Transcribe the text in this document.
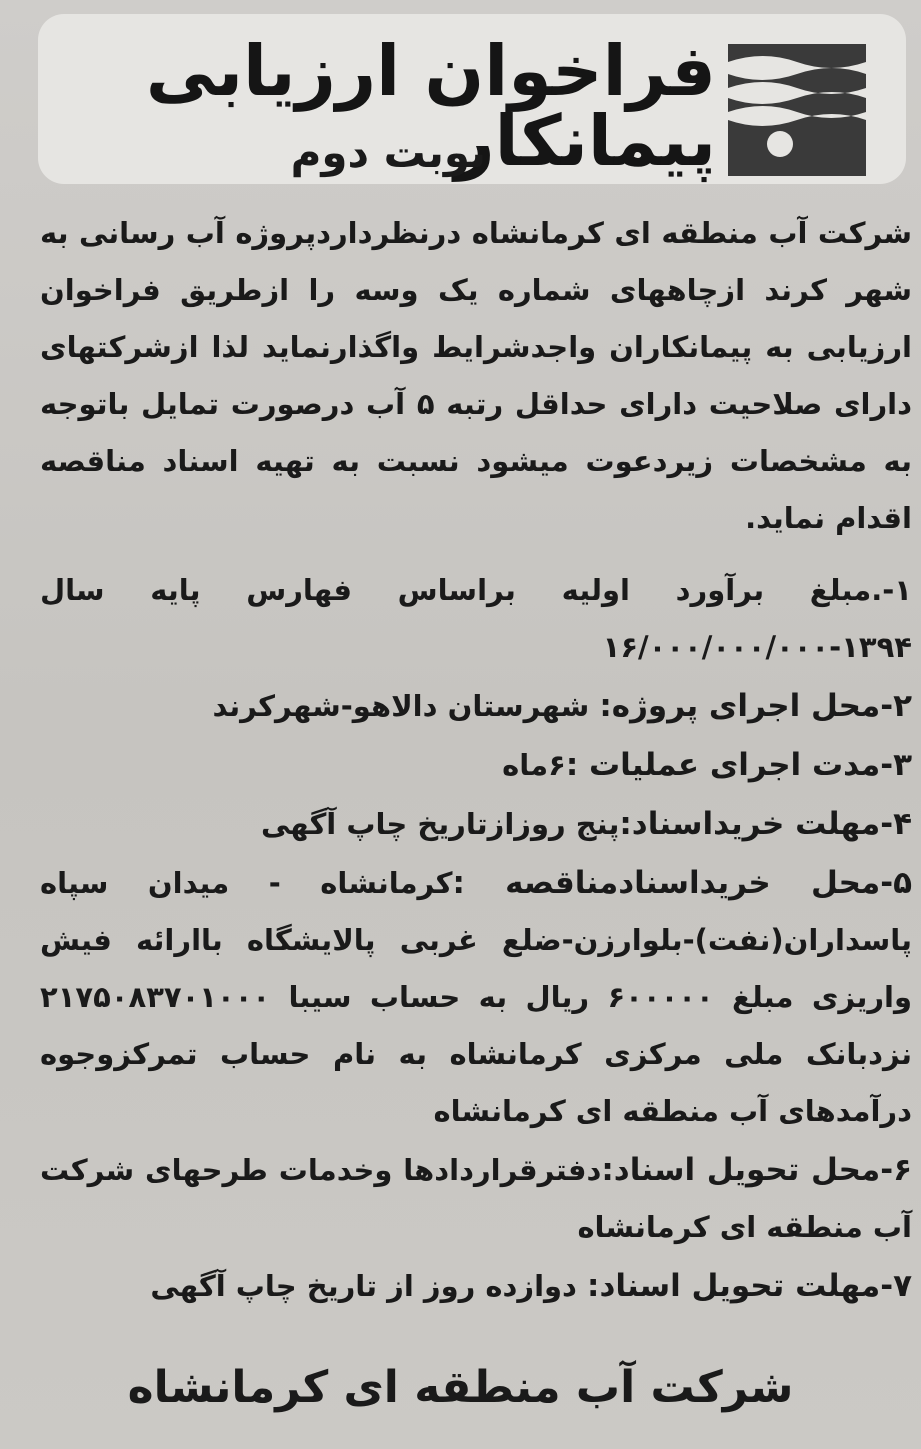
فراخوان ارزیابی پیمانکار
نوبت دوم
شرکت آب منطقه ای کرمانشاه درنظرداردپروژه آب رسانی به شهر کرند ازچاههای شماره یک وسه را ازطریق فراخوان ارزیابی به پیمانکاران واجدشرایط واگذارنماید لذا ازشرکتهای دارای صلاحیت دارای حداقل رتبه ۵ آب درصورت تمایل باتوجه به مشخصات زیردعوت میشود نسبت به تهیه اسناد مناقصه اقدام نماید.
۱-.مبلغ برآورد اولیه براساس فهارس پایه سال ۱۳۹۴-۱۶/۰۰۰/۰۰۰/۰۰۰
۲-محل اجرای پروژه: شهرستان دالاهو-شهرکرند
۳-مدت اجرای عملیات :۶ماه
۴-مهلت خریداسناد:پنج روزازتاریخ چاپ آگهی
۵-محل خریداسنادمناقصه :کرمانشاه - میدان سپاه پاسداران(نفت)-بلوارزن-ضلع غربی پالایشگاه باارائه فیش واریزی مبلغ ۶۰۰۰۰۰ ریال به حساب سیبا ۲۱۷۵۰۸۳۷۰۱۰۰۰ نزدبانک ملی مرکزی کرمانشاه به نام حساب تمرکزوجوه درآمدهای آب منطقه ای کرمانشاه
۶-محل تحویل اسناد:دفترقراردادها وخدمات طرحهای شرکت آب منطقه ای کرمانشاه
۷-مهلت تحویل اسناد: دوازده روز از تاریخ چاپ آگهی
شرکت آب منطقه ای کرمانشاه
